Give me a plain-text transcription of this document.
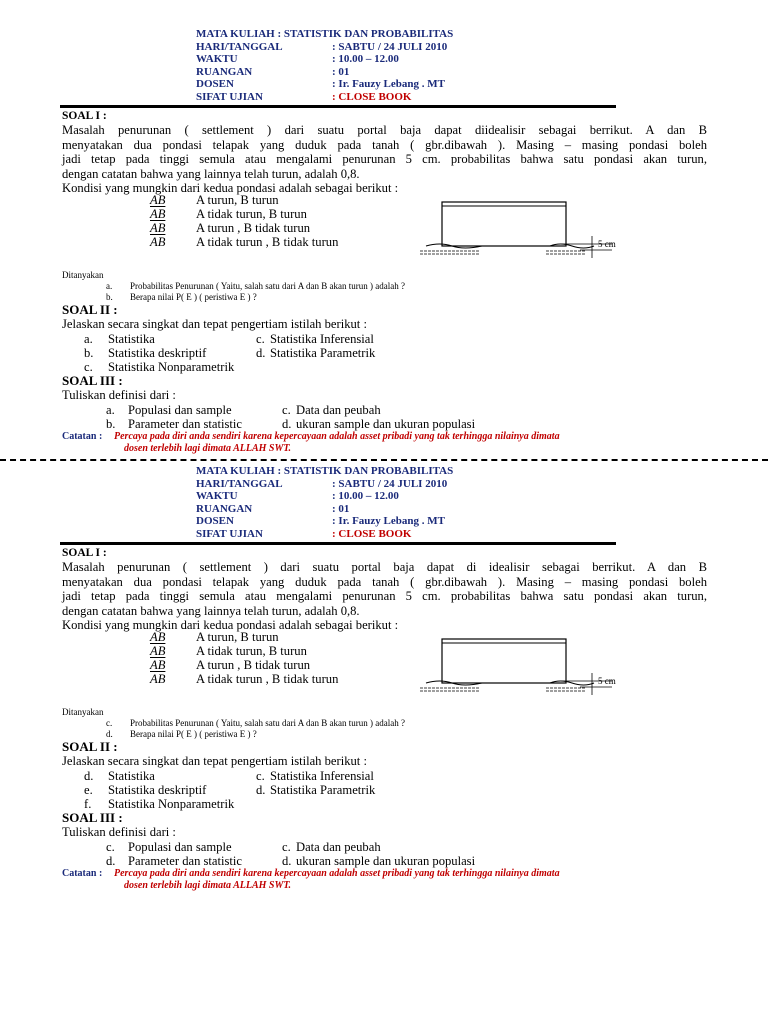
MATA KULIAH : STATISTIK DAN PROBABILITAS
HARI/TANGGAL	: SABTU / 24 JULI 2010
WAKTU	: 10.00 – 12.00
RUANGAN	: 01
DOSEN	: Ir. Fauzy Lebang . MT
SIFAT UJIAN	: CLOSE BOOK
SOAL I :
Masalah penurunan ( settlement ) dari suatu portal baja dapat diidealisir sebagai berrikut. A dan B
menyatakan dua pondasi telapak yang duduk pada tanah ( gbr.dibawah ). Masing – masing pondasi boleh
jadi tetap pada tinggi semula atau mengalami penurunan 5 cm. probabilitas bahwa satu pondasi akan turun,
dengan catatan bahwa yang lainnya telah turun, adalah 0,8.
Kondisi yang mungkin dari kedua pondasi adalah sebagai berikut :
AB	A turun, B turun
$\overline{AB}$	A tidak turun, B turun
$\overline{AB}$	A turun , B tidak turun
$\overline{AB}$	A tidak turun , B tidak turun	5 cm
Ditanyakan
a. Probabilitas Penurunan ( Yaitu, salah satu dari A dan B akan turun ) adalah ?
b. Berapa nilai P( E ) ( peristiwa E ) ?
SOAL II :
Jelaskan secara singkat dan tepat pengertiam istilah berikut :
a. Statistika	c. Statistika Inferensial
b. Statistika deskriptif	d. Statistika Parametrik
c. Statistika Nonparametrik
SOAL III :
Tuliskan definisi dari :
a. Populasi dan sample	c. Data dan peubah
b. Parameter dan statistic	d. ukuran sample dan ukuran populasi
Catatan : Percaya pada diri anda sendiri karena kepercayaan adalah asset pribadi yang tak terhingga nilainya dimata
dosen terlebih lagi dimata ALLAH SWT.
MATA KULIAH : STATISTIK DAN PROBABILITAS
HARI/TANGGAL	: SABTU / 24 JULI 2010
WAKTU	: 10.00 – 12.00
RUANGAN	: 01
DOSEN	: Ir. Fauzy Lebang . MT
SIFAT UJIAN	: CLOSE BOOK
SOAL I :
Masalah penurunan ( settlement ) dari suatu portal baja dapat di idealisir sebagai berrikut. A dan B
menyatakan dua pondasi telapak yang duduk pada tanah ( gbr.dibawah ). Masing – masing pondasi boleh
jadi tetap pada tinggi semula atau mengalami penurunan 5 cm. probabilitas bahwa satu pondasi akan turun,
dengan catatan bahwa yang lainnya telah turun, adalah 0,8.
Kondisi yang mungkin dari kedua pondasi adalah sebagai berikut :
AB	A turun, B turun
$\overline{AB}$	A tidak turun, B turun
$\overline{AB}$	A turun , B tidak turun
$\overline{AB}$	A tidak turun , B tidak turun	5 cm
Ditanyakan
c. Probabilitas Penurunan ( Yaitu, salah satu dari A dan B akan turun ) adalah ?
d. Berapa nilai P( E ) ( peristiwa E ) ?
SOAL II :
Jelaskan secara singkat dan tepat pengertiam istilah berikut :
d. Statistika	c. Statistika Inferensial
e. Statistika deskriptif	d. Statistika Parametrik
f. Statistika Nonparametrik
SOAL III :
Tuliskan definisi dari :
c. Populasi dan sample	c. Data dan peubah
d. Parameter dan statistic	d. ukuran sample dan ukuran populasi
Catatan : Percaya pada diri anda sendiri karena kepercayaan adalah asset pribadi yang tak terhingga nilainya dimata
dosen terlebih lagi dimata ALLAH SWT.
